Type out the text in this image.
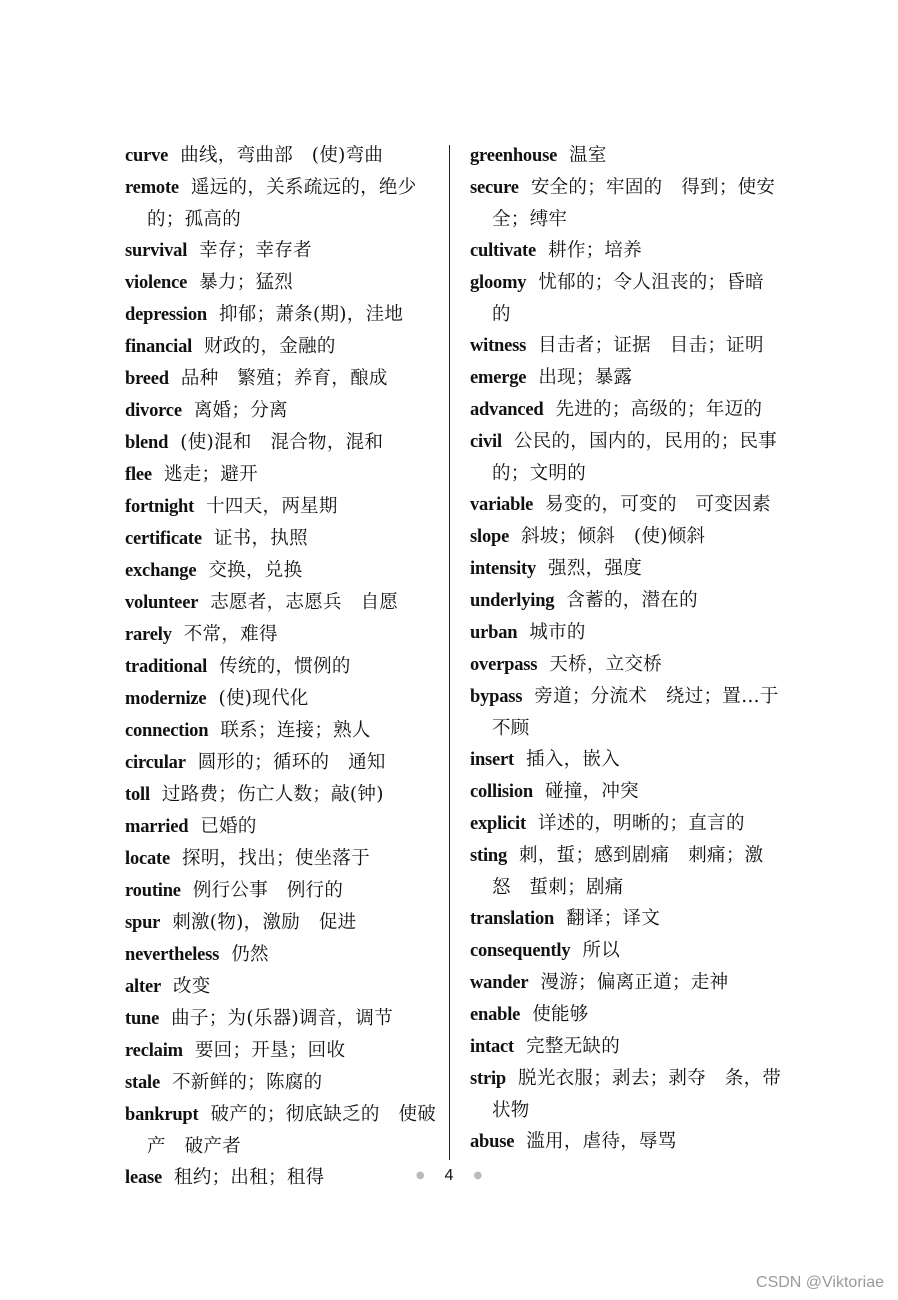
curve 曲线，弯曲部　(使)弯曲
remote 遥远的，关系疏远的，绝少的；孤高的
survival 幸存；幸存者
violence 暴力；猛烈
depression 抑郁；萧条(期)，洼地
financial 财政的，金融的
breed 品种　繁殖；养育，酿成
divorce 离婚；分离
blend (使)混和　混合物，混和
flee 逃走；避开
fortnight 十四天，两星期
certificate 证书，执照
exchange 交换，兑换
volunteer 志愿者，志愿兵　自愿
rarely 不常，难得
traditional 传统的，惯例的
modernize (使)现代化
connection 联系；连接；熟人
circular 圆形的；循环的　通知
toll 过路费；伤亡人数；敲(钟)
married 已婚的
locate 探明，找出；使坐落于
routine 例行公事　例行的
spur 刺激(物)，激励　促进
nevertheless 仍然
alter 改变
tune 曲子；为(乐器)调音，调节
reclaim 要回；开垦；回收
stale 不新鲜的；陈腐的
bankrupt 破产的；彻底缺乏的　使破产　破产者
lease 租约；出租；租得
greenhouse 温室
secure 安全的；牢固的　得到；使安全；缚牢
cultivate 耕作；培养
gloomy 忧郁的；令人沮丧的；昏暗的
witness 目击者；证据　目击；证明
emerge 出现；暴露
advanced 先进的；高级的；年迈的
civil 公民的，国内的，民用的；民事的；文明的
variable 易变的，可变的　可变因素
slope 斜坡；倾斜　(使)倾斜
intensity 强烈，强度
underlying 含蓄的，潜在的
urban 城市的
overpass 天桥，立交桥
bypass 旁道；分流术　绕过；置…于不顾
insert 插入，嵌入
collision 碰撞，冲突
explicit 详述的，明晰的；直言的
sting 刺，蜇；感到剧痛　刺痛；激怒　蜇刺；剧痛
translation 翻译；译文
consequently 所以
wander 漫游；偏离正道；走神
enable 使能够
intact 完整无缺的
strip 脱光衣服；剥去；剥夺　条，带状物
abuse 滥用，虐待，辱骂
● 4 ●
CSDN @Viktoriae
